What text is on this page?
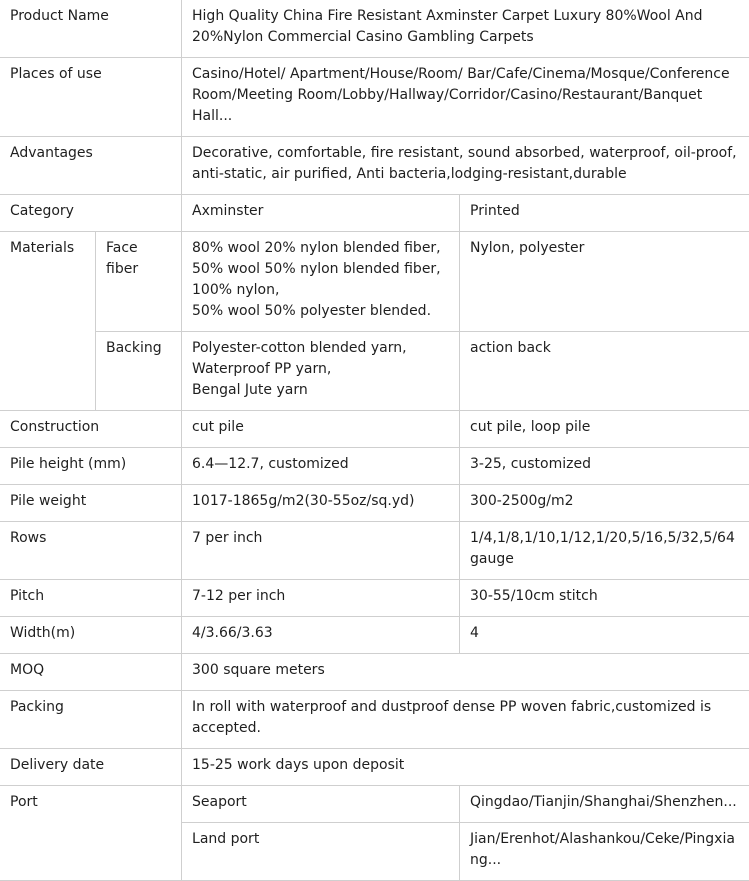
Product Name		High Quality China Fire Resistant Axminster Carpet Luxury 80%Wool And 20%Nylon Commercial Casino Gambling Carpets	
Places of use		Casino/Hotel/ Apartment/House/Room/ Bar/Cafe/Cinema/Mosque/Conference Room/Meeting Room/Lobby/Hallway/Corridor/Casino/Restaurant/Banquet Hall...	
Advantages		Decorative, comfortable, fire resistant, sound absorbed, waterproof, oil-proof, anti-static, air purified, Anti bacteria,lodging-resistant,durable	
Category		Axminster	Printed
Materials	Face fiber	80% wool 20% nylon blended fiber,
50% wool 50% nylon blended fiber,
100% nylon,
50% wool 50% polyester blended.	Nylon, polyester
	Backing	Polyester-cotton blended yarn,
Waterproof PP yarn,
Bengal Jute yarn	action back
Construction		cut pile	cut pile, loop pile
Pile height (mm)		6.4—12.7, customized	3-25, customized
Pile weight		1017-1865g/m2(30-55oz/sq.yd)	300-2500g/m2
Rows		7 per inch	1/4,1/8,1/10,1/12,1/20,5/16,5/32,5/64 gauge
Pitch		7-12 per inch	30-55/10cm stitch
Width(m)		4/3.66/3.63	4
MOQ		300 square meters	
Packing		In roll with waterproof and dustproof dense PP woven fabric,customized is accepted.	
Delivery date		15-25 work days upon deposit	
Port		Seaport	Qingdao/Tianjin/Shanghai/Shenzhen...
		Land port	Jian/Erenhot/Alashankou/Ceke/Pingxiang...
